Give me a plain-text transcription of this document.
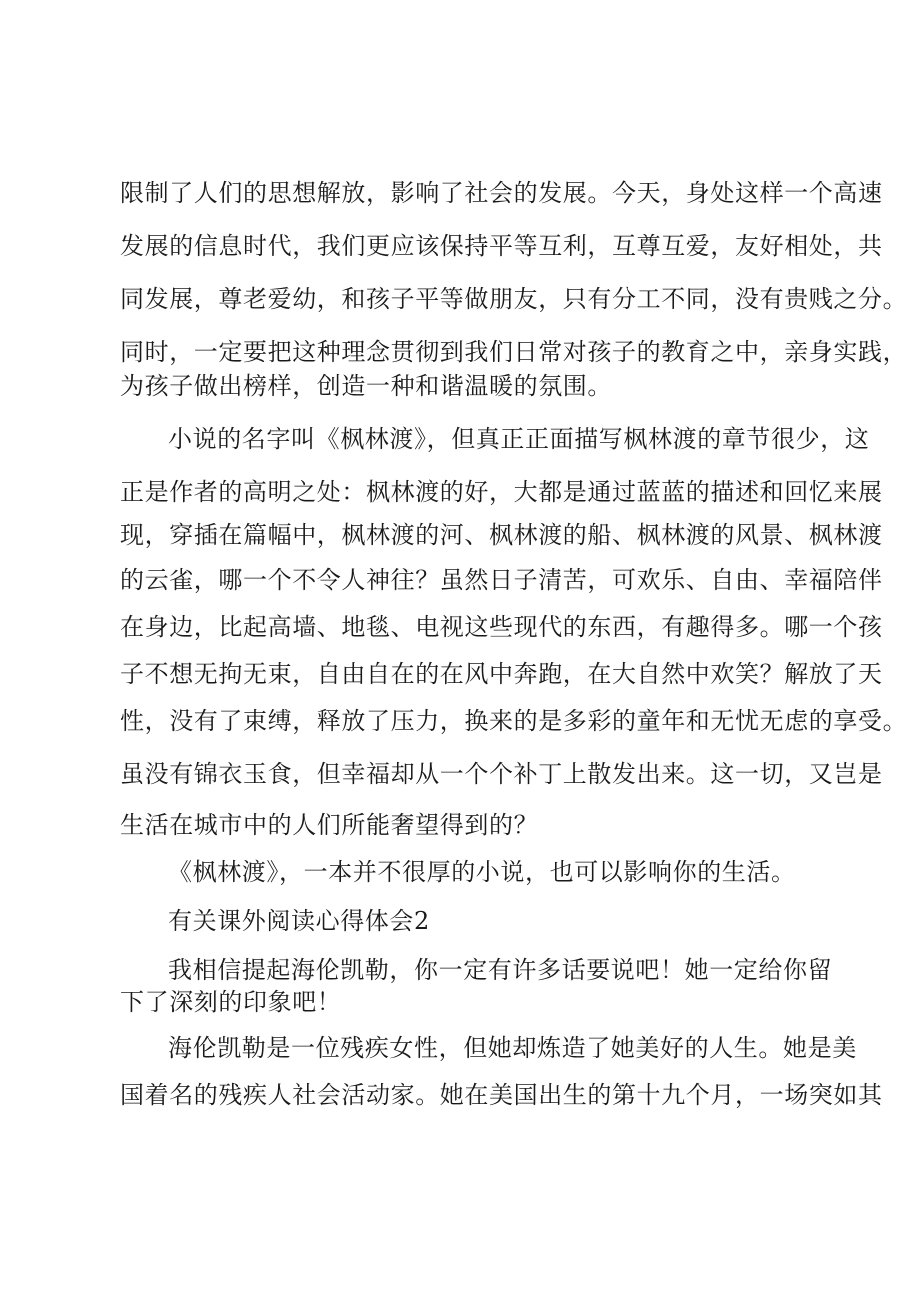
限制了人们的思想解放，影响了社会的发展。今天，身处这样一个高速

发展的信息时代，我们更应该保持平等互利，互尊互爱，友好相处，共

同发展，尊老爱幼，和孩子平等做朋友，只有分工不同，没有贵贱之分。

同时，一定要把这种理念贯彻到我们日常对孩子的教育之中，亲身实践，

为孩子做出榜样，创造一种和谐温暖的氛围。

小说的名字叫《枫林渡》，但真正正面描写枫林渡的章节很少，这

正是作者的高明之处：枫林渡的好，大都是通过蓝蓝的描述和回忆来展

现，穿插在篇幅中，枫林渡的河、枫林渡的船、枫林渡的风景、枫林渡

的云雀，哪一个不令人神往？虽然日子清苦，可欢乐、自由、幸福陪伴

在身边，比起高墙、地毯、电视这些现代的东西，有趣得多。哪一个孩

子不想无拘无束，自由自在的在风中奔跑，在大自然中欢笑？解放了天

性，没有了束缚，释放了压力，换来的是多彩的童年和无忧无虑的享受。

虽没有锦衣玉食，但幸福却从一个个补丁上散发出来。这一切，又岂是

生活在城市中的人们所能奢望得到的？

《枫林渡》，一本并不很厚的小说，也可以影响你的生活。

有关课外阅读心得体会2

我相信提起海伦凯勒，你一定有许多话要说吧！她一定给你留

下了深刻的印象吧！

海伦凯勒是一位残疾女性，但她却炼造了她美好的人生。她是美

国着名的残疾人社会活动家。她在美国出生的第十九个月，一场突如其
